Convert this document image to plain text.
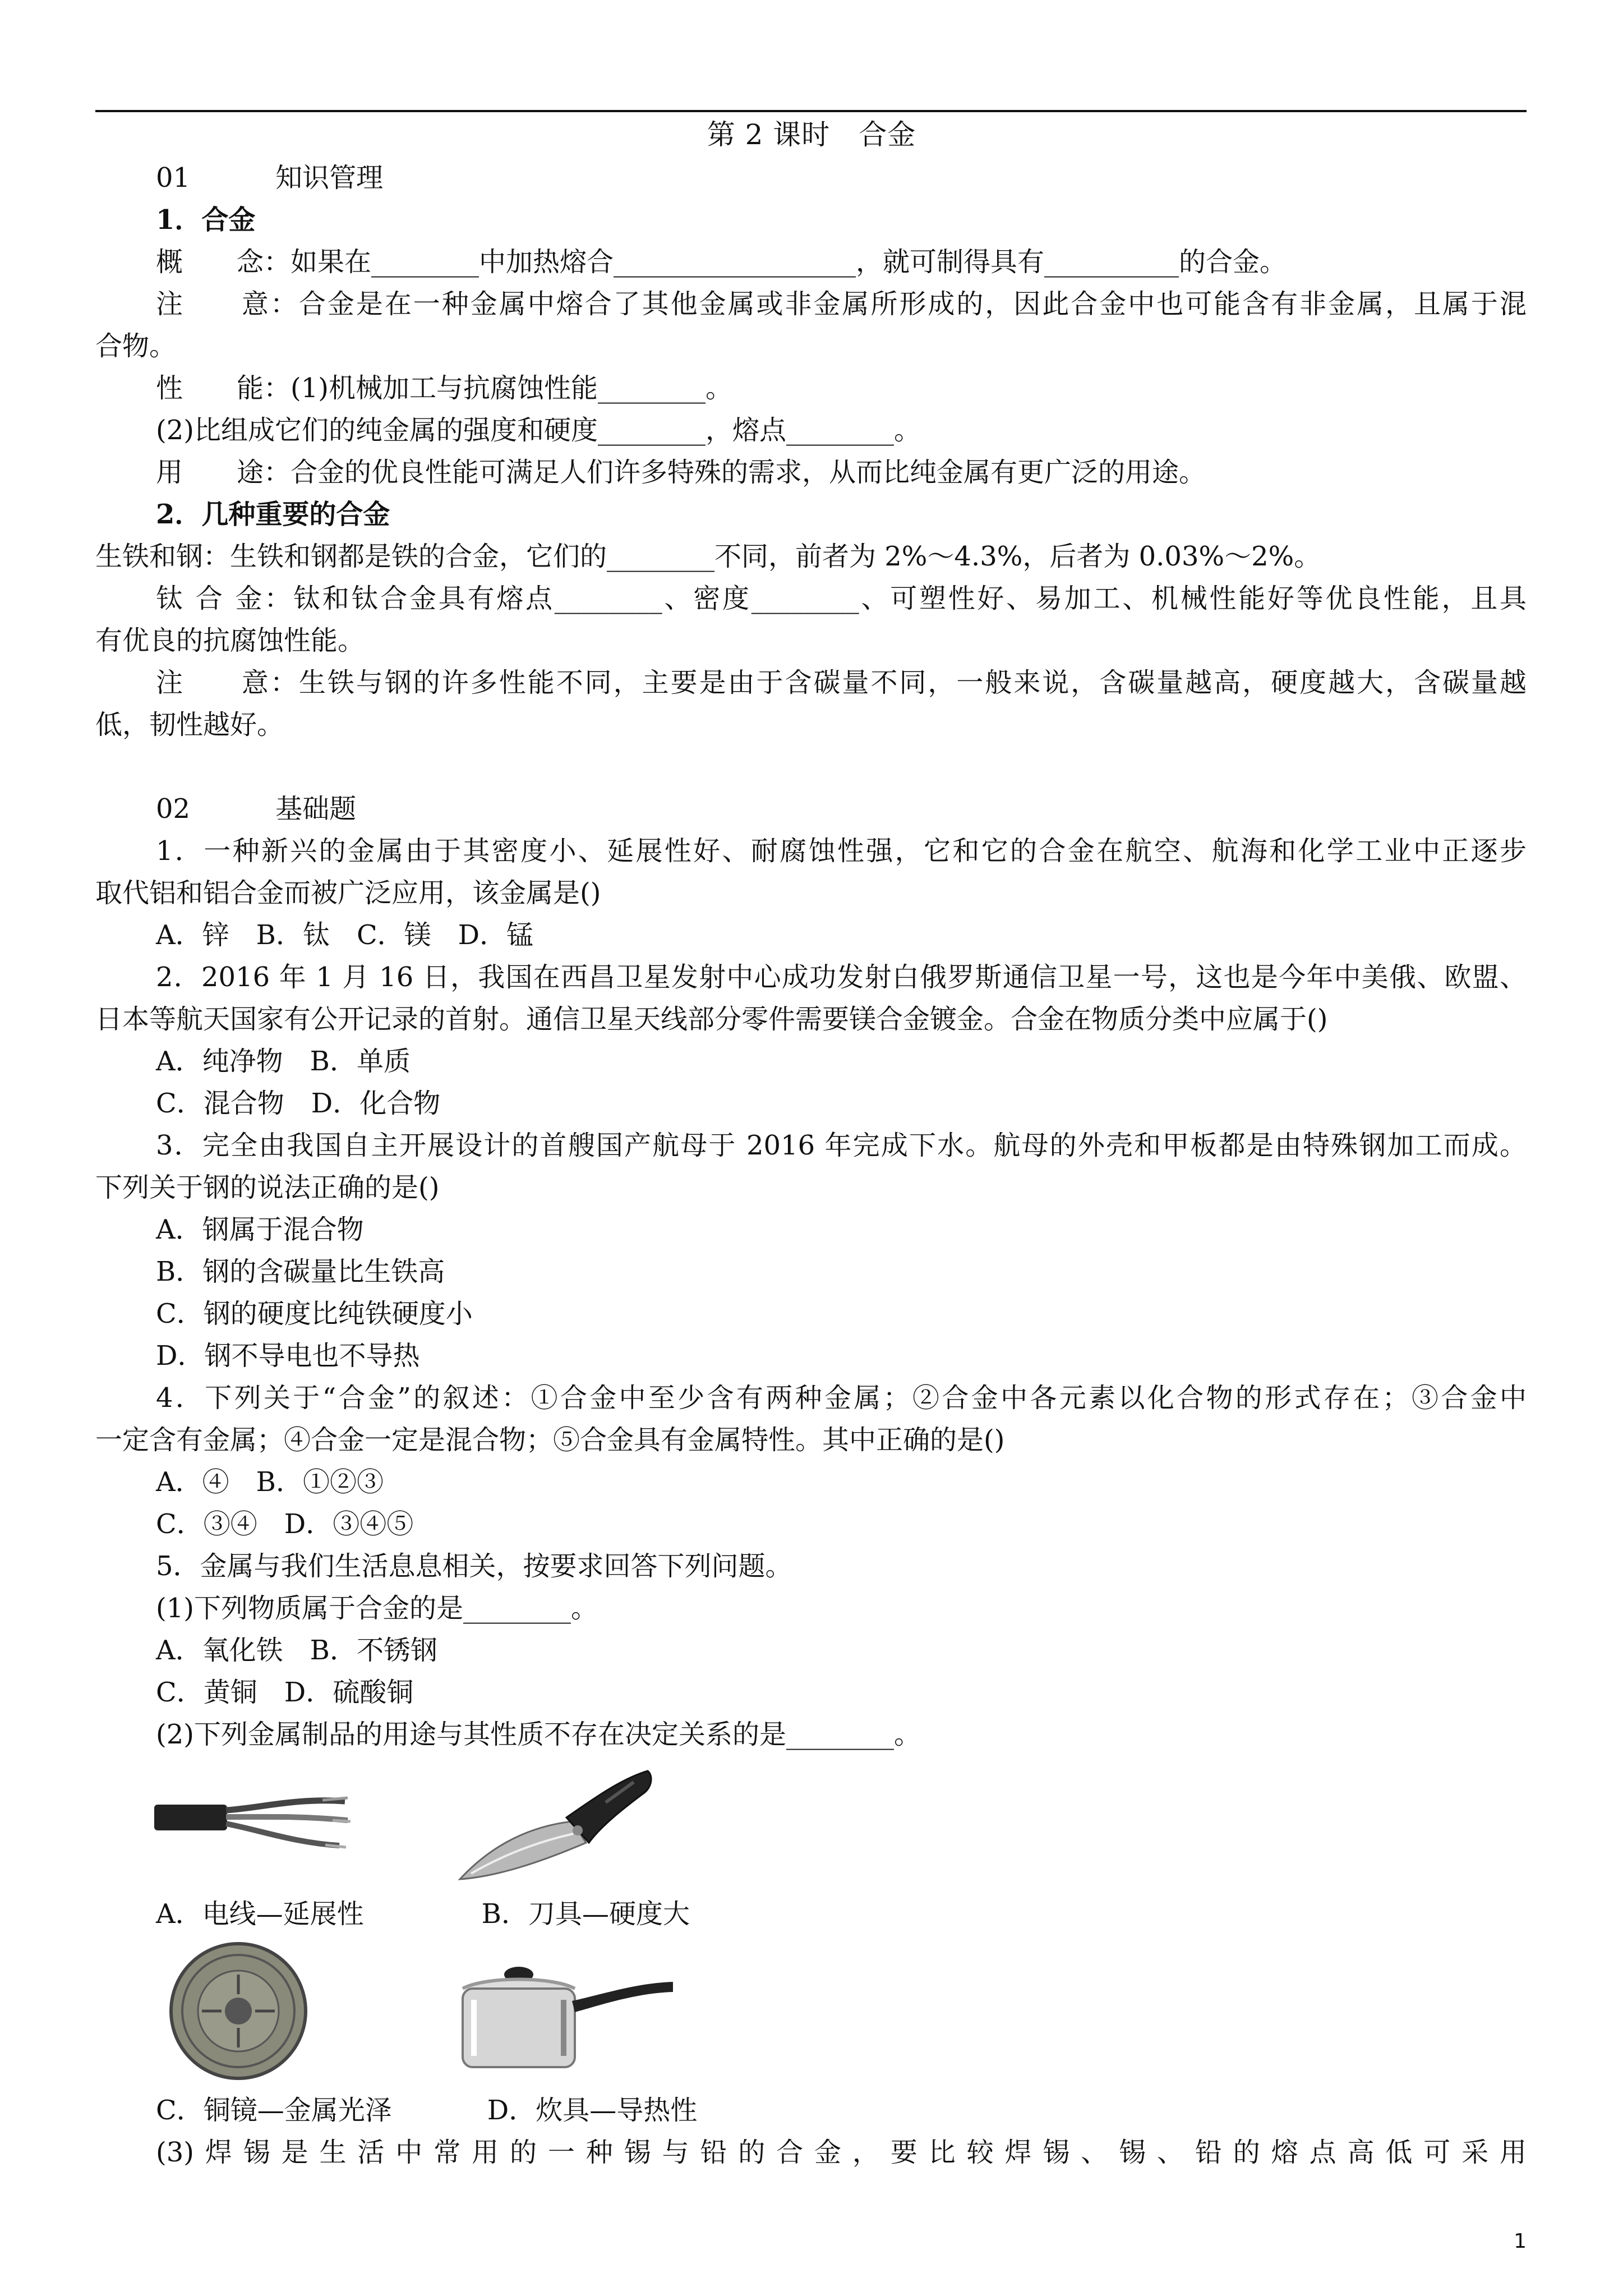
第 2 课时　合金
01	知识管理
1．合金
概　　念：如果在________中加热熔合__________________，就可制得具有__________的合金。
注　　意：合金是在一种金属中熔合了其他金属或非金属所形成的，因此合金中也可能含有非金属，且属于混
合物。
性　　能：(1)机械加工与抗腐蚀性能________。
(2)比组成它们的纯金属的强度和硬度________，熔点________。
用　　途：合金的优良性能可满足人们许多特殊的需求，从而比纯金属有更广泛的用途。
2．几种重要的合金
生铁和钢：生铁和钢都是铁的合金，它们的________不同，前者为 2%～4.3%，后者为 0.03%～2%。
钛 合 金：钛和钛合金具有熔点________、密度________、可塑性好、易加工、机械性能好等优良性能，且具
有优良的抗腐蚀性能。
注　　意：生铁与钢的许多性能不同，主要是由于含碳量不同，一般来说，含碳量越高，硬度越大，含碳量越
低，韧性越好。
02	基础题
1．一种新兴的金属由于其密度小、延展性好、耐腐蚀性强，它和它的合金在航空、航海和化学工业中正逐步
取代铝和铝合金而被广泛应用，该金属是()
A．锌　B．钛　C．镁　D．锰
2．2016 年 1 月 16 日，我国在西昌卫星发射中心成功发射白俄罗斯通信卫星一号，这也是今年中美俄、欧盟、
日本等航天国家有公开记录的首射。通信卫星天线部分零件需要镁合金镀金。合金在物质分类中应属于()
A．纯净物　B．单质
C．混合物　D．化合物
3．完全由我国自主开展设计的首艘国产航母于 2016 年完成下水。航母的外壳和甲板都是由特殊钢加工而成。
下列关于钢的说法正确的是()
A．钢属于混合物
B．钢的含碳量比生铁高
C．钢的硬度比纯铁硬度小
D．钢不导电也不导热
4．下列关于“合金”的叙述：①合金中至少含有两种金属；②合金中各元素以化合物的形式存在；③合金中
一定含有金属；④合金一定是混合物；⑤合金具有金属特性。其中正确的是()
A．④　B．①②③
C．③④　D．③④⑤
5．金属与我们生活息息相关，按要求回答下列问题。
(1)下列物质属于合金的是________。
A．氧化铁　B．不锈钢
C．黄铜　D．硫酸铜
(2)下列金属制品的用途与其性质不存在决定关系的是________。
A．电线—延展性	B．刀具—硬度大
C．铜镜—金属光泽	D．炊具—导热性
(3)焊锡是生活中常用的一种锡与铅的合金，要比较焊锡、锡、铅的熔点高低可采用
1
